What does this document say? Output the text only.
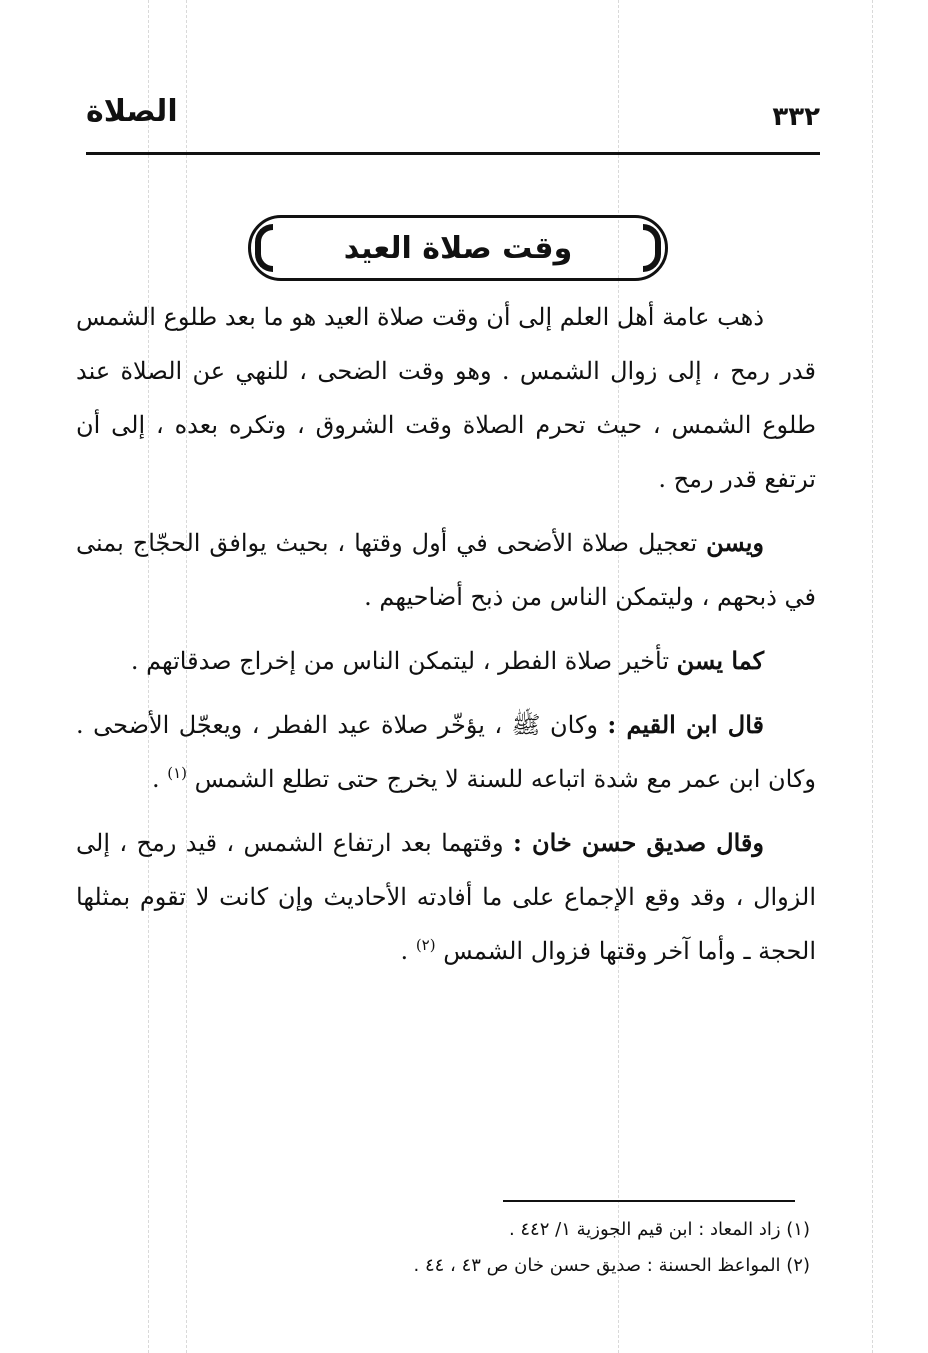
الصلاة	٣٣٢
وقت صلاة العيد

ذهب عامة أهل العلم إلى أن وقت صلاة العيد هو ما بعد طلوع الشمس قدر رمح ، إلى زوال الشمس . وهو وقت الضحى ، للنهي عن الصلاة عند طلوع الشمس ، حيث تحرم الصلاة وقت الشروق ، وتكره بعده ، إلى أن ترتفع قدر رمح .

ويسن تعجيل صلاة الأضحى في أول وقتها ، بحيث يوافق الحجّاج بمنى في ذبحهم ، وليتمكن الناس من ذبح أضاحيهم .

كما يسن تأخير صلاة الفطر ، ليتمكن الناس من إخراج صدقاتهم .

قال ابن القيم : وكان ﷺ ، يؤخّر صلاة عيد الفطر ، ويعجّل الأضحى . وكان ابن عمر مع شدة اتباعه للسنة لا يخرج حتى تطلع الشمس $^{(١)}$ .

وقال صديق حسن خان : وقتهما بعد ارتفاع الشمس ، قيد رمح ، إلى الزوال ، وقد وقع الإجماع على ما أفادته الأحاديث وإن كانت لا تقوم بمثلها الحجة ـ وأما آخر وقتها فزوال الشمس $^{(٢)}$ .

(١) زاد المعاد : ابن قيم الجوزية ١/ ٤٤٢ .

(٢) المواعظ الحسنة : صديق حسن خان ص ٤٣ ، ٤٤ .
